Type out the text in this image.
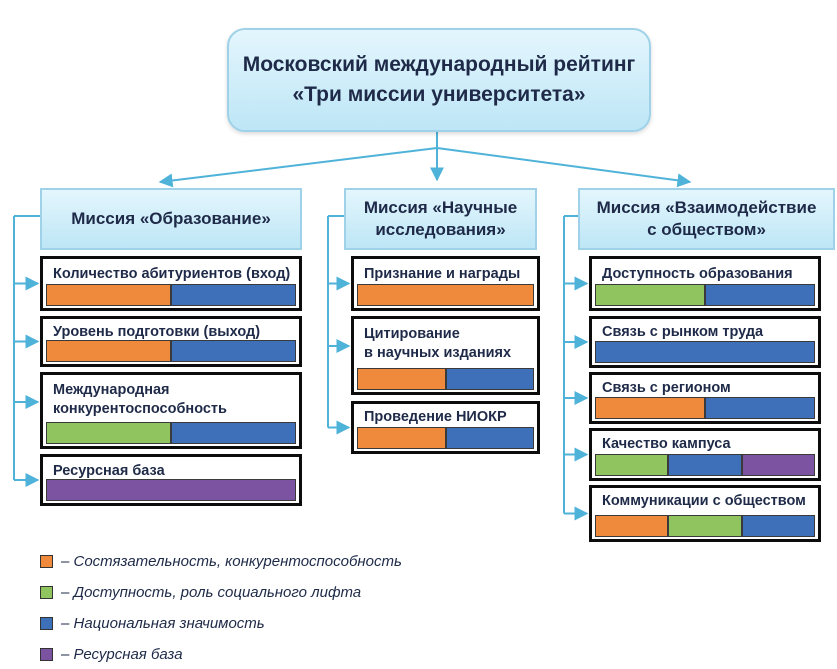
Московский международный рейтинг
«Три миссии университета»
Миссия «Образование»
Количество абитуриентов (вход)
Уровень подготовки (выход)
Международная
конкурентоспособность
Ресурсная база
Миссия «Научные
исследования»
Признание и награды
Цитирование
в научных изданиях
Проведение НИОКР
Миссия «Взаимодействие
с обществом»
Доступность образования
Связь с рынком труда
Связь с регионом
Качество кампуса
Коммуникации с обществом
– Состязательность, конкурентоспособность
– Доступность, роль социального лифта
– Национальная значимость
– Ресурсная база
